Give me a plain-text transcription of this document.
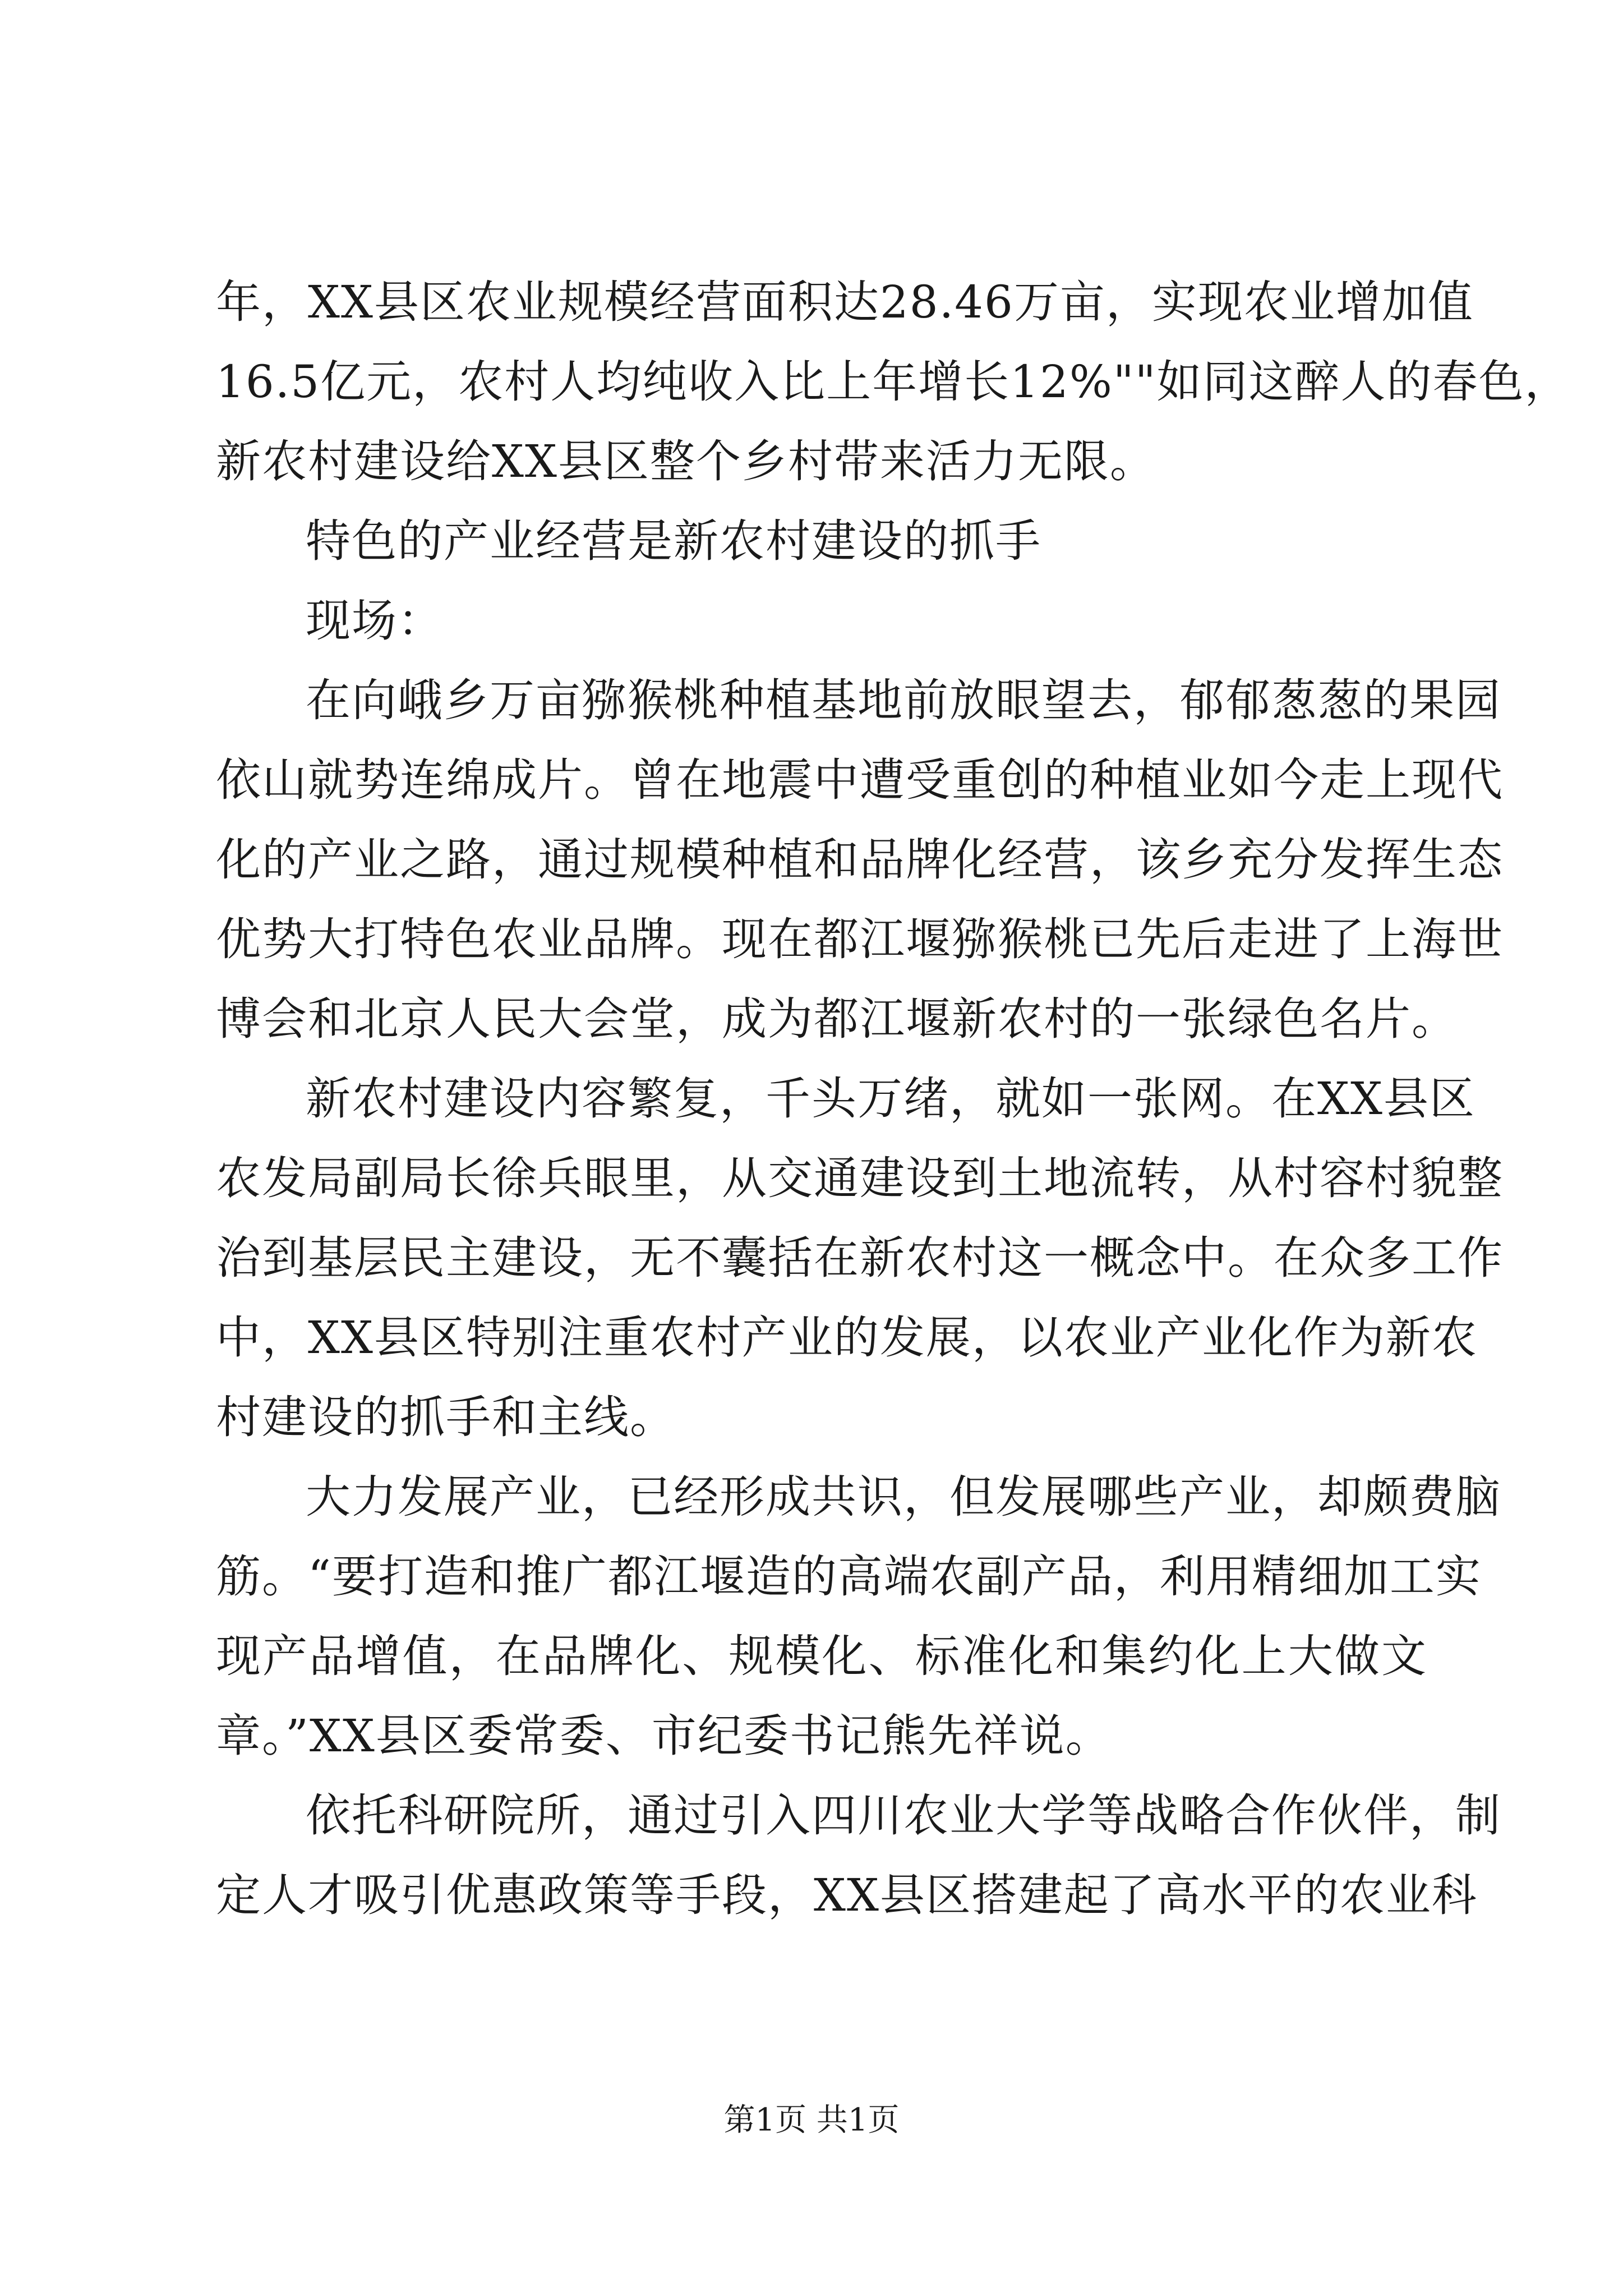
年，XX县区农业规模经营面积达28.46万亩，实现农业增加值
16.5亿元，农村人均纯收入比上年增长12%""如同这醉人的春色，
新农村建设给XX县区整个乡村带来活力无限。
特色的产业经营是新农村建设的抓手
现场：
在向峨乡万亩猕猴桃种植基地前放眼望去，郁郁葱葱的果园
依山就势连绵成片。曾在地震中遭受重创的种植业如今走上现代
化的产业之路，通过规模种植和品牌化经营，该乡充分发挥生态
优势大打特色农业品牌。现在都江堰猕猴桃已先后走进了上海世
博会和北京人民大会堂，成为都江堰新农村的一张绿色名片。
新农村建设内容繁复，千头万绪，就如一张网。在XX县区
农发局副局长徐兵眼里，从交通建设到土地流转，从村容村貌整
治到基层民主建设，无不囊括在新农村这一概念中。在众多工作
中，XX县区特别注重农村产业的发展，以农业产业化作为新农
村建设的抓手和主线。
大力发展产业，已经形成共识，但发展哪些产业，却颇费脑
筋。“要打造和推广都江堰造的高端农副产品，利用精细加工实
现产品增值，在品牌化、规模化、标准化和集约化上大做文
章。”XX县区委常委、市纪委书记熊先祥说。
依托科研院所，通过引入四川农业大学等战略合作伙伴，制
定人才吸引优惠政策等手段，XX县区搭建起了高水平的农业科
第1页 共1页
